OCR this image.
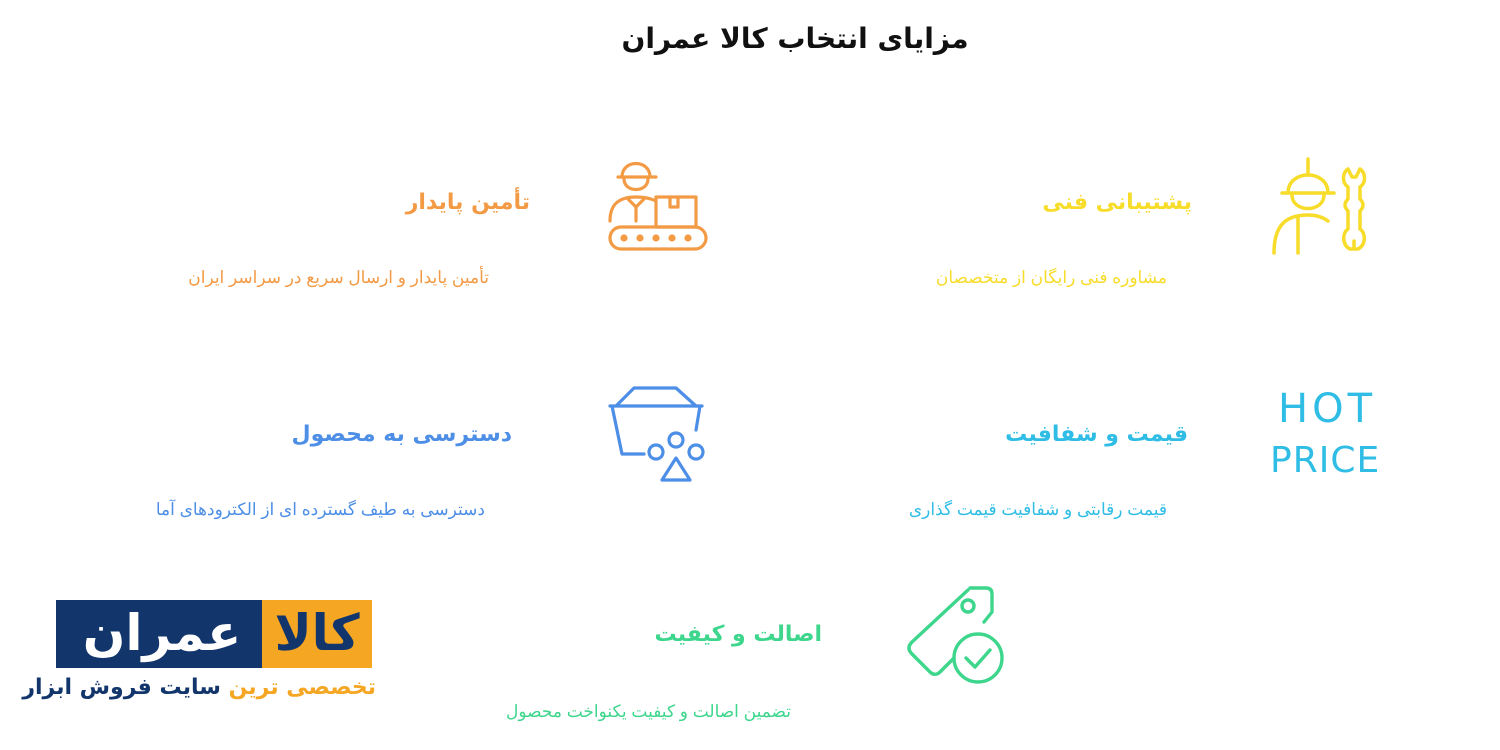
مزایای انتخاب کالا عمران
پشتیبانی فنی
مشاوره فنی رایگان از متخصصان
تأمین پایدار
تأمین پایدار و ارسال سریع در سراسر ایران
قیمت و شفافیت
قیمت رقابتی و شفافیت قیمت گذاری
HOT
PRICE
دسترسی به محصول
دسترسی به طیف گسترده ای از الکترودهای آما
اصالت و کیفیت
تضمین اصالت و کیفیت یکنواخت محصول
عمران کالا
تخصصی ترین سایت فروش ابزار
